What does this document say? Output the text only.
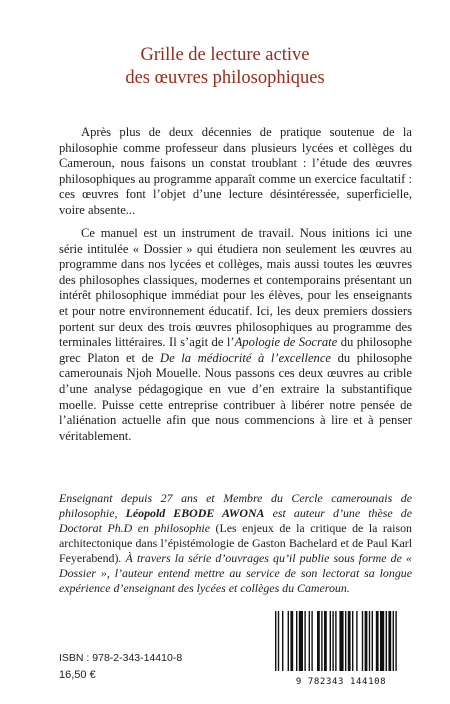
Grille de lecture active
des œuvres philosophiques

Après plus de deux décennies de pratique soutenue de la philosophie comme professeur dans plusieurs lycées et collèges du Cameroun, nous faisons un constat troublant : l’étude des œuvres philosophiques au programme apparaît comme un exercice facultatif : ces œuvres font l’objet d’une lecture désintéressée, superficielle, voire absente...

Ce manuel est un instrument de travail. Nous initions ici une série intitulée « Dossier » qui étudiera non seulement les œuvres au programme dans nos lycées et collèges, mais aussi toutes les œuvres des philosophes classiques, modernes et contemporains présentant un intérêt philosophique immédiat pour les élèves, pour les enseignants et pour notre environnement éducatif. Ici, les deux premiers dossiers portent sur deux des trois œuvres philosophiques au programme des terminales littéraires. Il s’agit de l’Apologie de Socrate du philosophe grec Platon et de De la médiocrité à l’excellence du philosophe camerounais Njoh Mouelle. Nous passons ces deux œuvres au crible d’une analyse pédagogique en vue d’en extraire la substantifique moelle. Puisse cette entreprise contribuer à libérer notre pensée de l’aliénation actuelle afin que nous commencions à lire et à penser véritablement.

Enseignant depuis 27 ans et Membre du Cercle camerounais de philosophie, Léopold EBODE AWONA est auteur d’une thèse de Doctorat Ph.D en philosophie (Les enjeux de la critique de la raison architectonique dans l’épistémologie de Gaston Bachelard et de Paul Karl Feyerabend). À travers la série d’ouvrages qu’il publie sous forme de « Dossier », l’auteur entend mettre au service de son lectorat sa longue expérience d’enseignant des lycées et collèges du Cameroun.
ISBN : 978-2-343-14410-8
16,50 €
9 782343 144108
